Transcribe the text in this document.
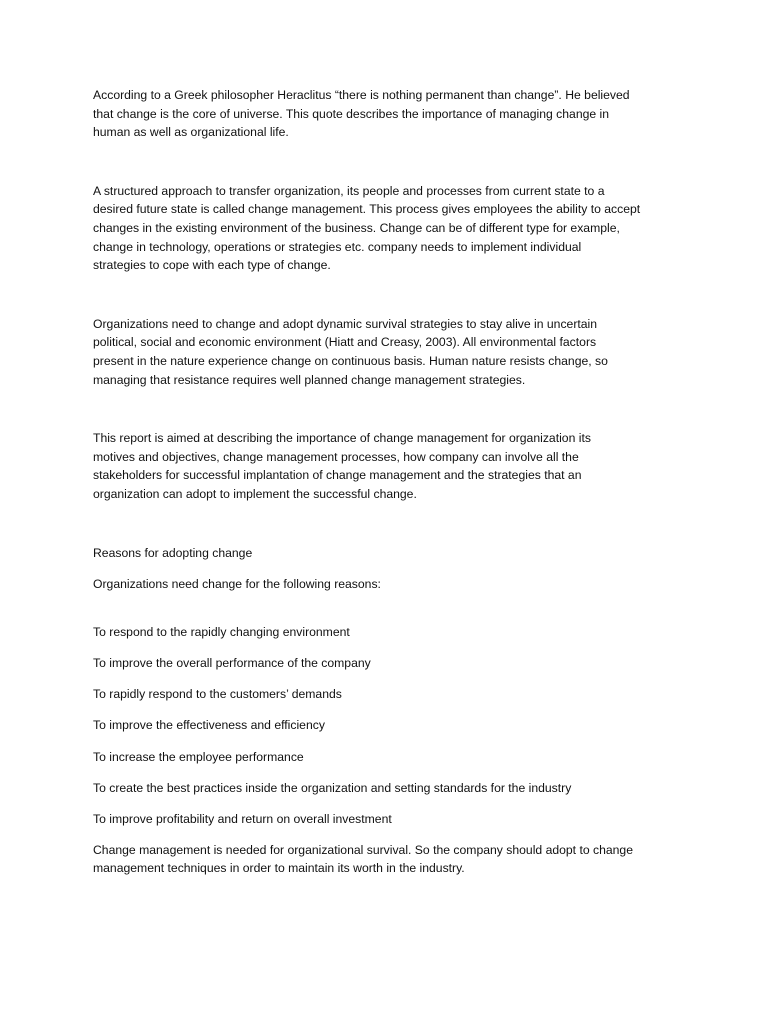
According to a Greek philosopher Heraclitus “there is nothing permanent than change”. He believed
that change is the core of universe. This quote describes the importance of managing change in
human as well as organizational life.

A structured approach to transfer organization, its people and processes from current state to a
desired future state is called change management. This process gives employees the ability to accept
changes in the existing environment of the business. Change can be of different type for example,
change in technology, operations or strategies etc. company needs to implement individual
strategies to cope with each type of change.

Organizations need to change and adopt dynamic survival strategies to stay alive in uncertain
political, social and economic environment (Hiatt and Creasy, 2003). All environmental factors
present in the nature experience change on continuous basis. Human nature resists change, so
managing that resistance requires well planned change management strategies.

This report is aimed at describing the importance of change management for organization its
motives and objectives, change management processes, how company can involve all the
stakeholders for successful implantation of change management and the strategies that an
organization can adopt to implement the successful change.

Reasons for adopting change

Organizations need change for the following reasons:

To respond to the rapidly changing environment

To improve the overall performance of the company

To rapidly respond to the customers’ demands

To improve the effectiveness and efficiency

To increase the employee performance

To create the best practices inside the organization and setting standards for the industry

To improve profitability and return on overall investment

Change management is needed for organizational survival. So the company should adopt to change
management techniques in order to maintain its worth in the industry.
